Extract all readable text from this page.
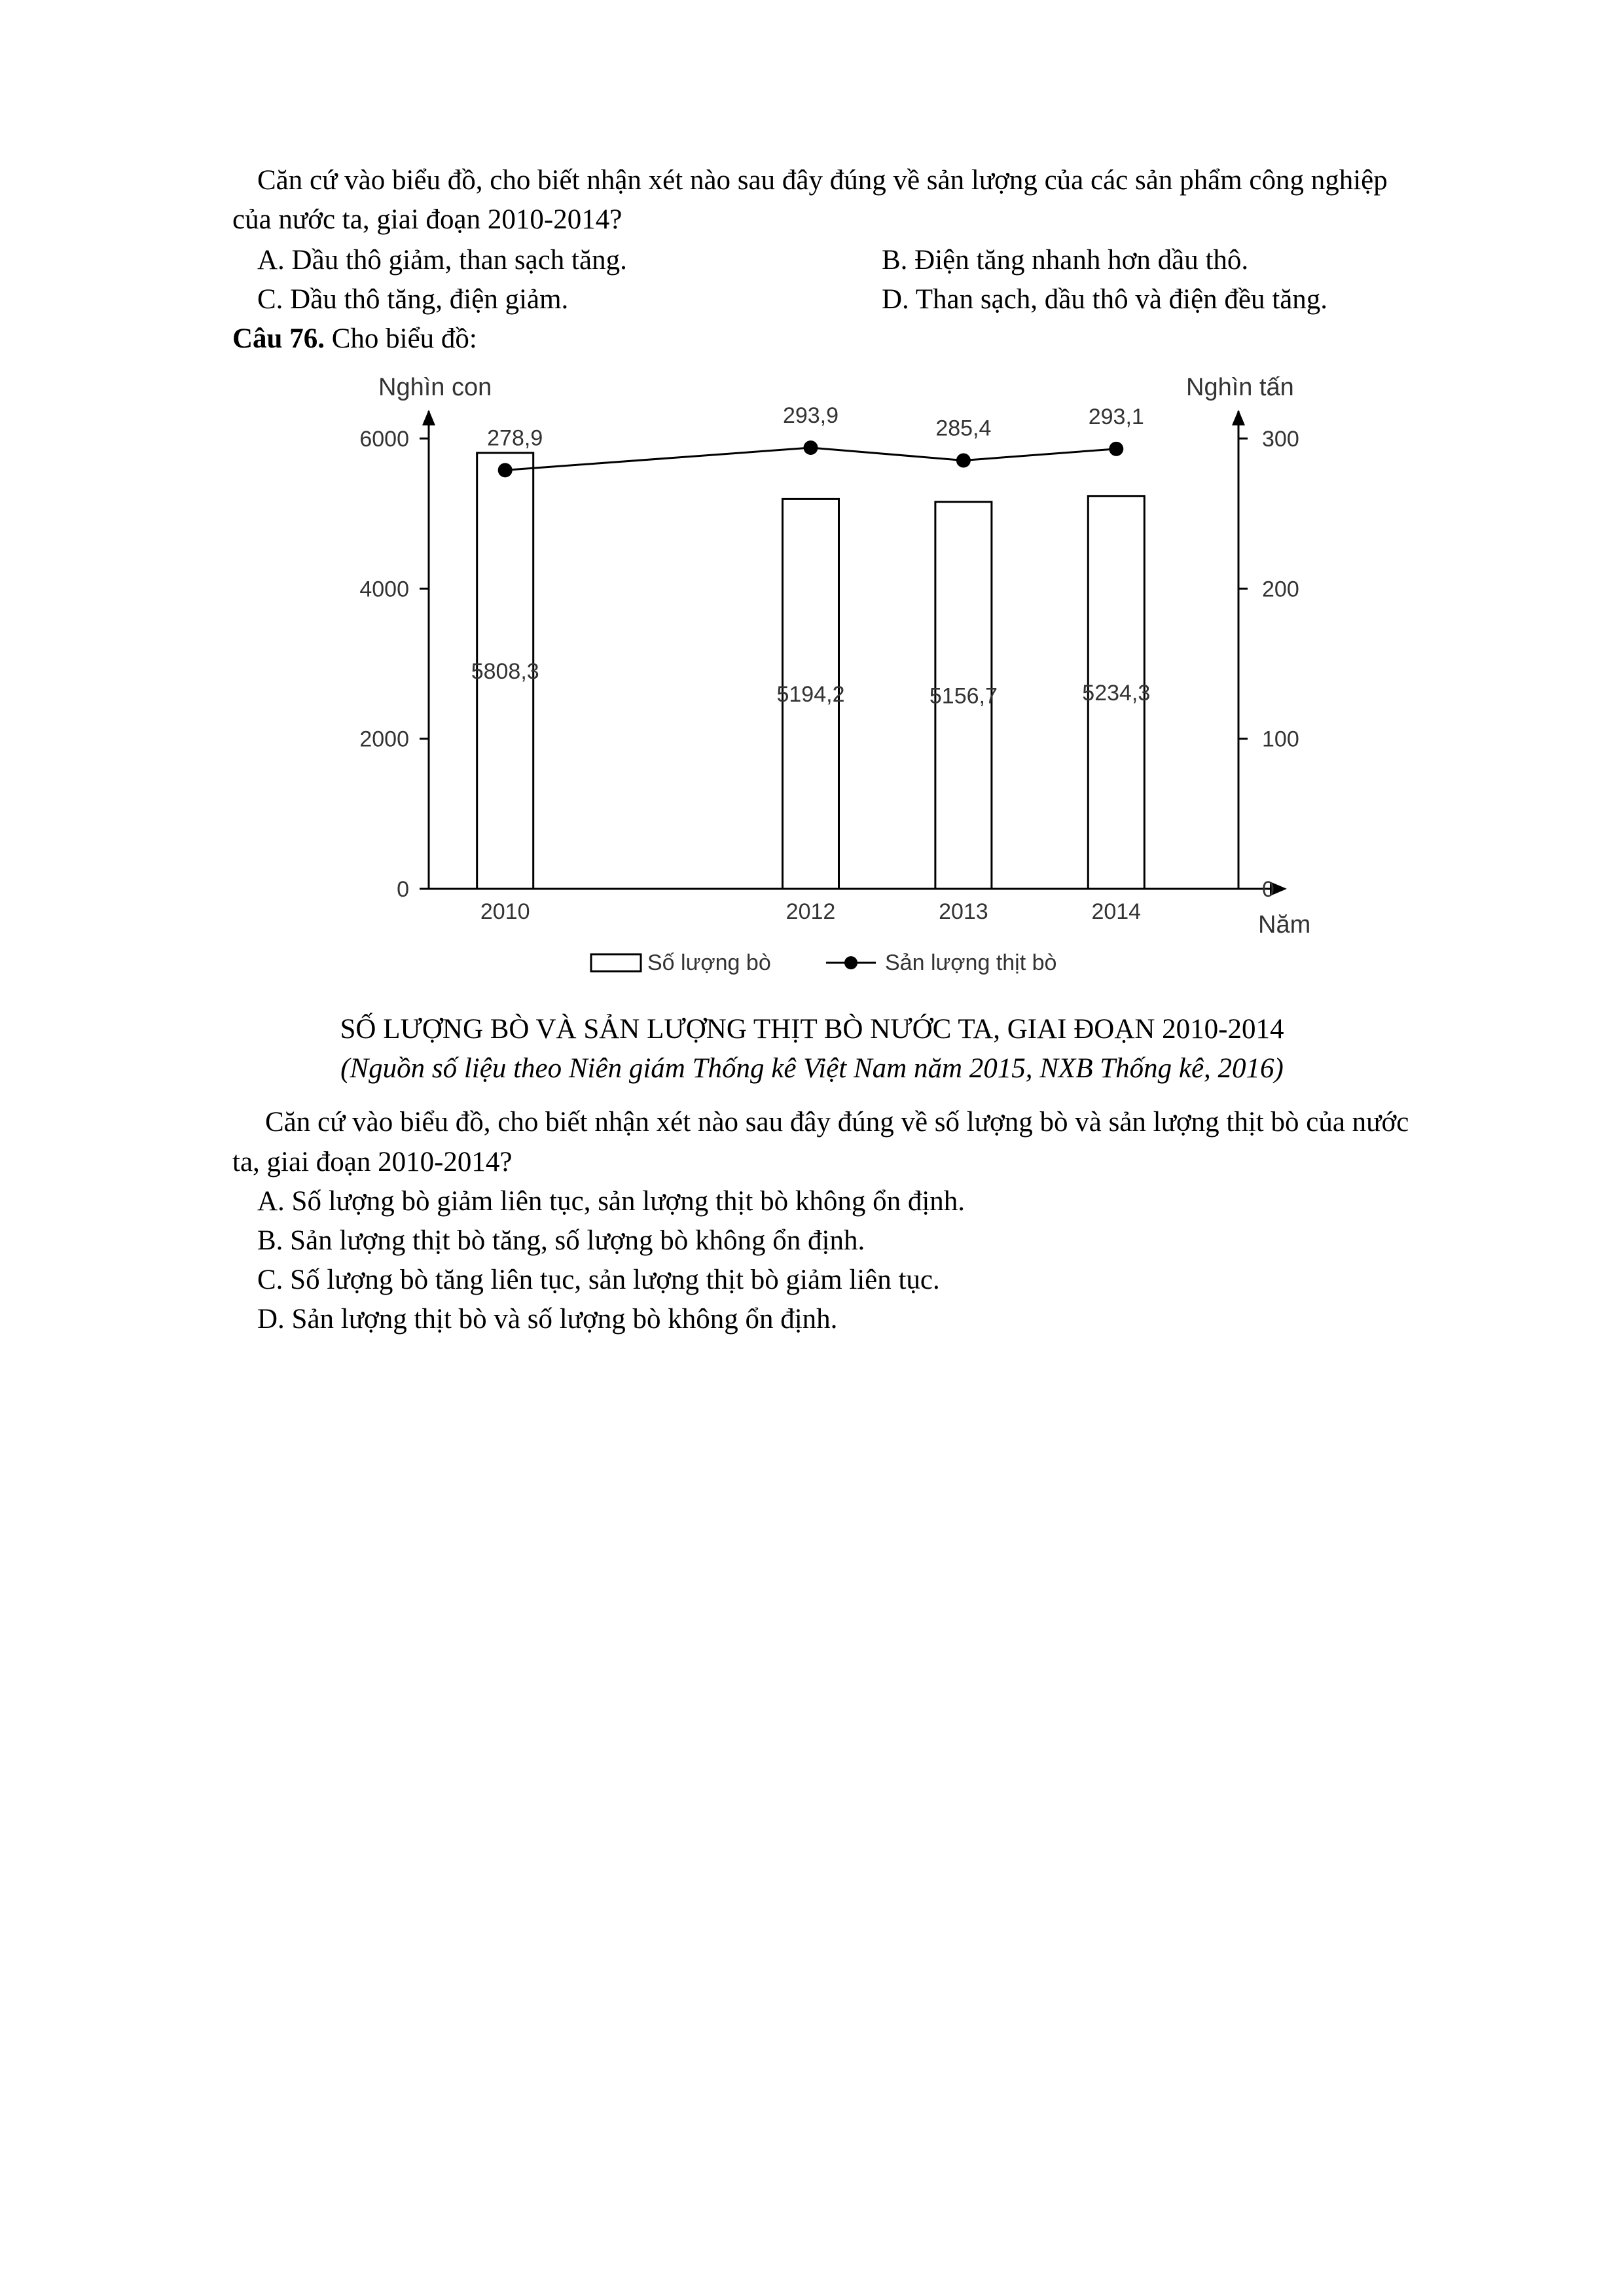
Căn cứ vào biểu đồ, cho biết nhận xét nào sau đây đúng về sản lượng của các sản phẩm công nghiệp
của nước ta, giai đoạn 2010-2014?
A. Dầu thô giảm, than sạch tăng.	B. Điện tăng nhanh hơn dầu thô.
C. Dầu thô tăng, điện giảm.	D. Than sạch, dầu thô và điện đều tăng.
Câu 76. Cho biểu đồ:
Nghìn con	Nghìn tấn
Năm
5808,3
5194,2	5156,7	5234,3
278,9
293,9
285,4	293,1
0
2000
4000
6000
0
100
200
300
2010	2012	2013	2014
Số lượng bò	Sản lượng thịt bò
SỐ LƯỢNG BÒ VÀ SẢN LƯỢNG THỊT BÒ NƯỚC TA, GIAI ĐOẠN 2010-2014
(Nguồn số liệu theo Niên giám Thống kê Việt Nam năm 2015, NXB Thống kê, 2016)
Căn cứ vào biểu đồ, cho biết nhận xét nào sau đây đúng về số lượng bò và sản lượng thịt bò của nước
ta, giai đoạn 2010-2014?
A. Số lượng bò giảm liên tục, sản lượng thịt bò không ổn định.
B. Sản lượng thịt bò tăng, số lượng bò không ổn định.
C. Số lượng bò tăng liên tục, sản lượng thịt bò giảm liên tục.
D. Sản lượng thịt bò và số lượng bò không ổn định.
